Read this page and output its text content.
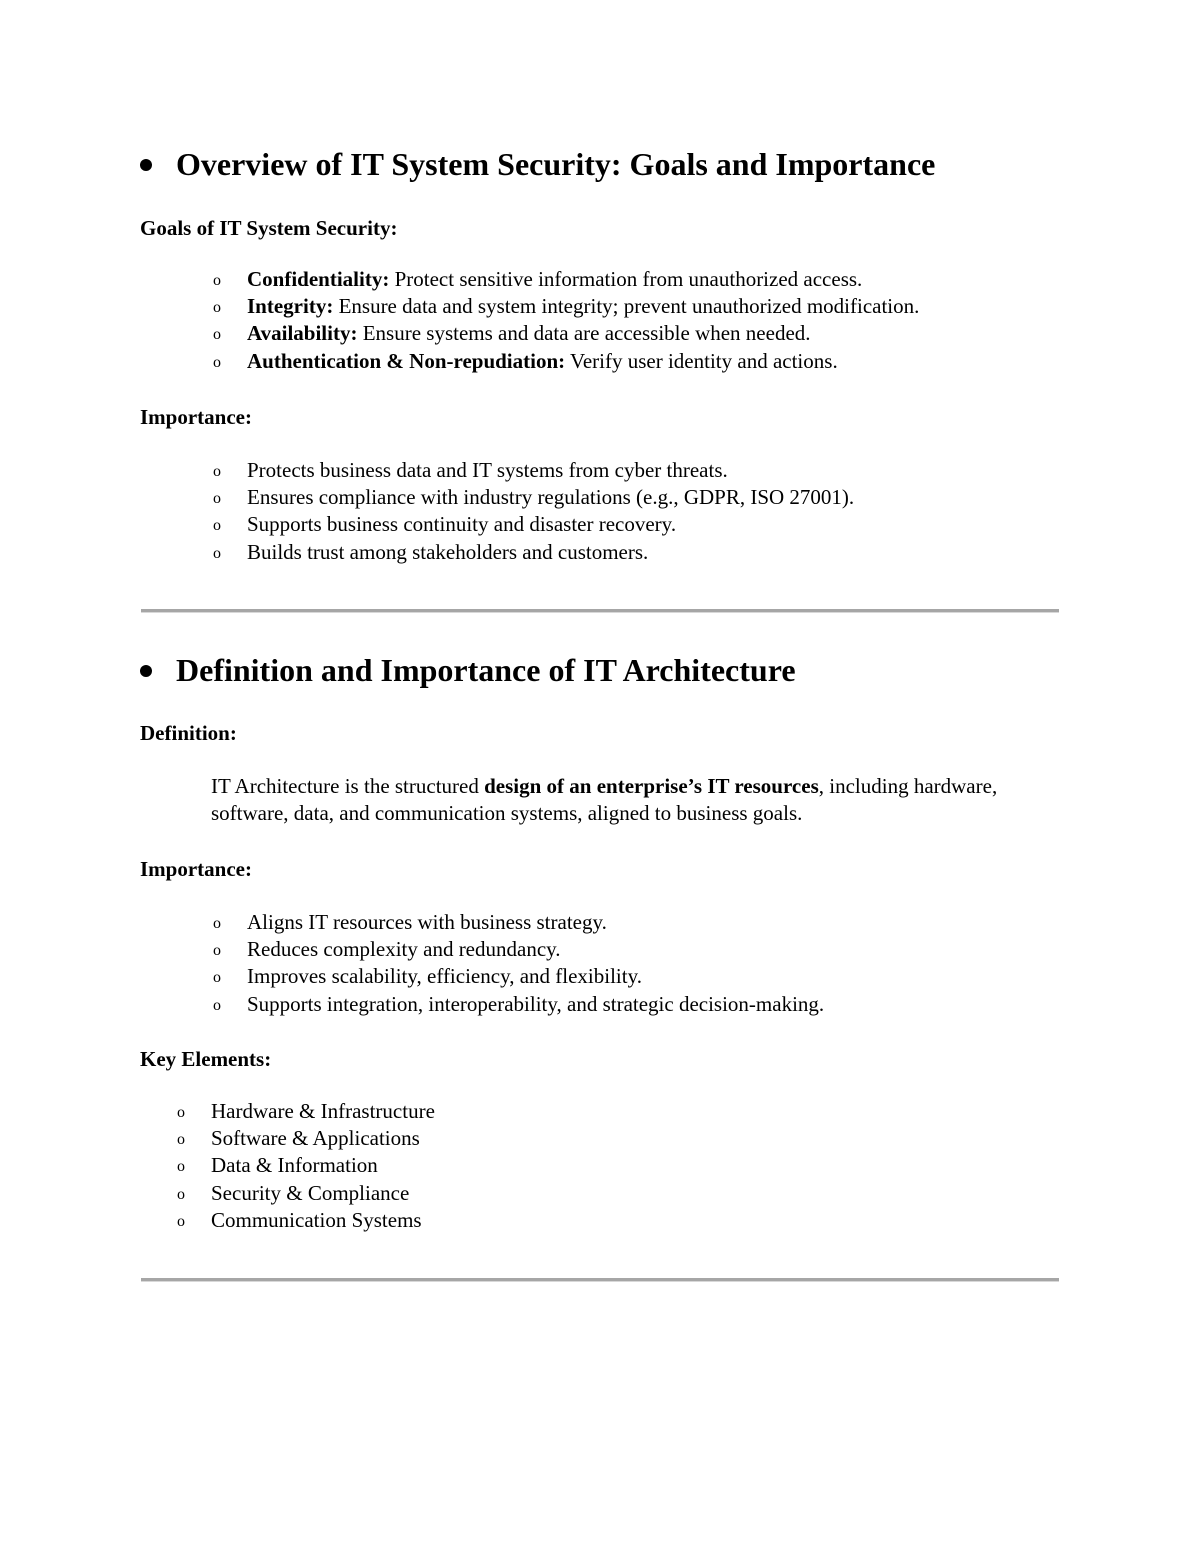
Overview of IT System Security: Goals and Importance

Goals of IT System Security:

o Confidentiality: Protect sensitive information from unauthorized access.
o Integrity: Ensure data and system integrity; prevent unauthorized modification.
o Availability: Ensure systems and data are accessible when needed.
o Authentication & Non-repudiation: Verify user identity and actions.

Importance:

o Protects business data and IT systems from cyber threats.
o Ensures compliance with industry regulations (e.g., GDPR, ISO 27001).
o Supports business continuity and disaster recovery.
o Builds trust among stakeholders and customers.
Definition and Importance of IT Architecture

Definition:

IT Architecture is the structured design of an enterprise’s IT resources, including hardware, software, data, and communication systems, aligned to business goals.

Importance:

o Aligns IT resources with business strategy.
o Reduces complexity and redundancy.
o Improves scalability, efficiency, and flexibility.
o Supports integration, interoperability, and strategic decision-making.

Key Elements:

o Hardware & Infrastructure
o Software & Applications
o Data & Information
o Security & Compliance
o Communication Systems
